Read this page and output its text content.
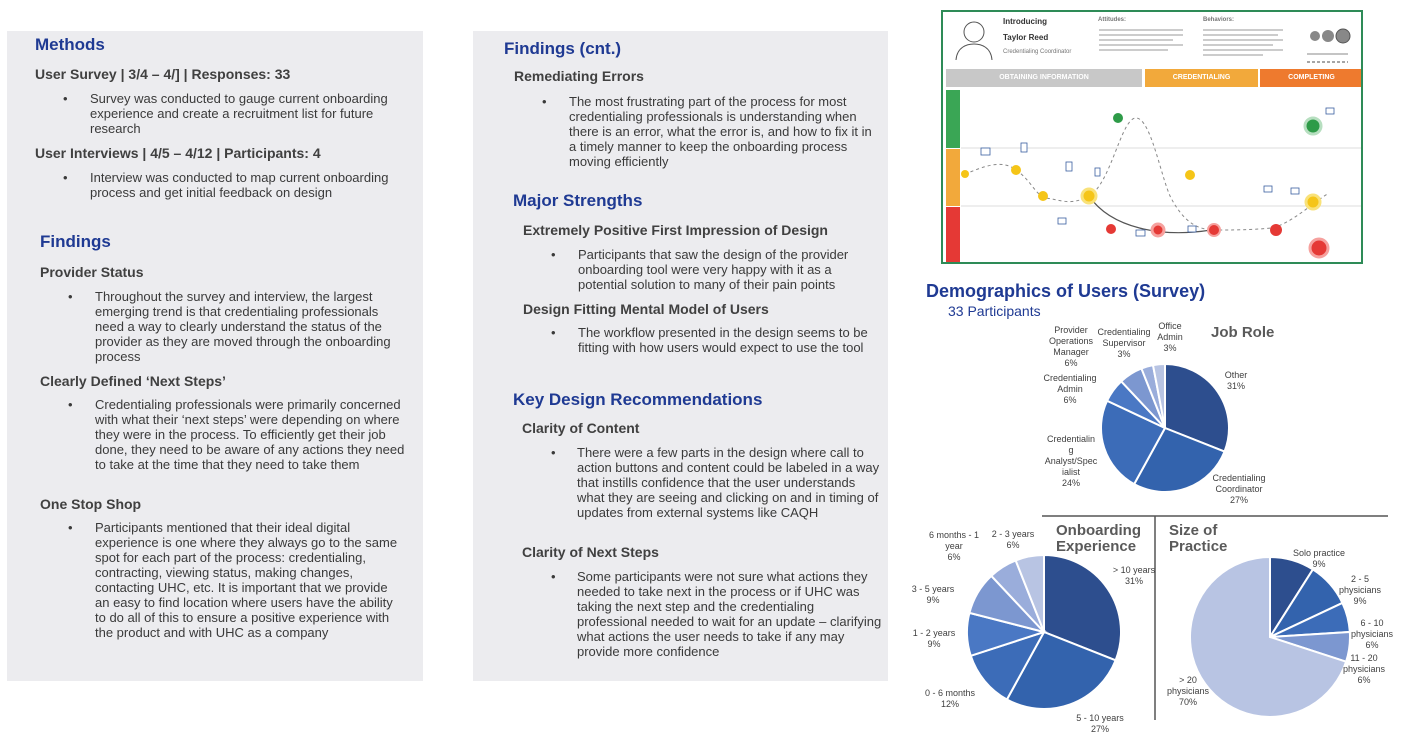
Methods
User Survey | 3/4 – 4/] | Responses: 33
• Survey was conducted to gauge current onboarding experience and create a recruitment list for future research
User Interviews | 4/5 – 4/12 | Participants: 4
• Interview was conducted to map current onboarding process and get initial feedback on design
Findings
Provider Status
• Throughout the survey and interview, the largest emerging trend is that credentialing professionals need a way to clearly understand the status of the provider as they are moved through the onboarding process
Clearly Defined ‘Next Steps’
• Credentialing professionals were primarily concerned with what their ‘next steps’ were depending on where they were in the process. To efficiently get their job done, they need to be aware of any actions they need to take at the time that they need to take them
One Stop Shop
• Participants mentioned that their ideal digital experience is one where they always go to the same spot for each part of the process: credentialing, contracting, viewing status, making changes, contacting UHC, etc. It is important that we provide an easy to find location where users have the ability to do all of this to ensure a positive experience with the product and with UHC as a company
Findings (cnt.)
Remediating Errors
• The most frustrating part of the process for most credentialing professionals is understanding when there is an error, what the error is, and how to fix it in a timely manner to keep the onboarding process moving efficiently
Major Strengths
Extremely Positive First Impression of Design
• Participants that saw the design of the provider onboarding tool were very happy with it as a potential solution to many of their pain points
Design Fitting Mental Model of Users
• The workflow presented in the design seems to be fitting with how users would expect to use the tool
Key Design Recommendations
Clarity of Content
• There were a few parts in the design where call to action buttons and content could be labeled in a way that instills confidence that the user understands what they are seeing and clicking on and in timing of updates from external systems like CAQH
Clarity of Next Steps
• Some participants were not sure what actions they needed to take next in the process or if UHC was taking the next step and the credentialing professional needed to wait for an update – clarifying what actions the user needs to take if any may provide more confidence
Introducing
Taylor Reed
Credentialing Coordinator
Attitudes:	Behaviors:
OBTAINING INFORMATION	CREDENTIALING	COMPLETING
Demographics of Users (Survey)
33 Participants
Job Role
Onboarding Experience
Size of Practice
Other 31%
Credentialing Coordinator 27%
Credentialin g Analyst/Spec ialist 24%
Credentialing Admin 6%
Provider Operations Manager 6%
Credentialing Supervisor 3%
Office Admin 3%
> 10 years 31%
5 - 10 years 27%
0 - 6 months 12%
1 - 2 years 9%
3 - 5 years 9%
6 months - 1 year 6%
2 - 3 years 6%
Solo practice 9%
2 - 5 physicians 9%
6 - 10 physicians 6%
11 - 20 physicians 6%
> 20 physicians 70%
